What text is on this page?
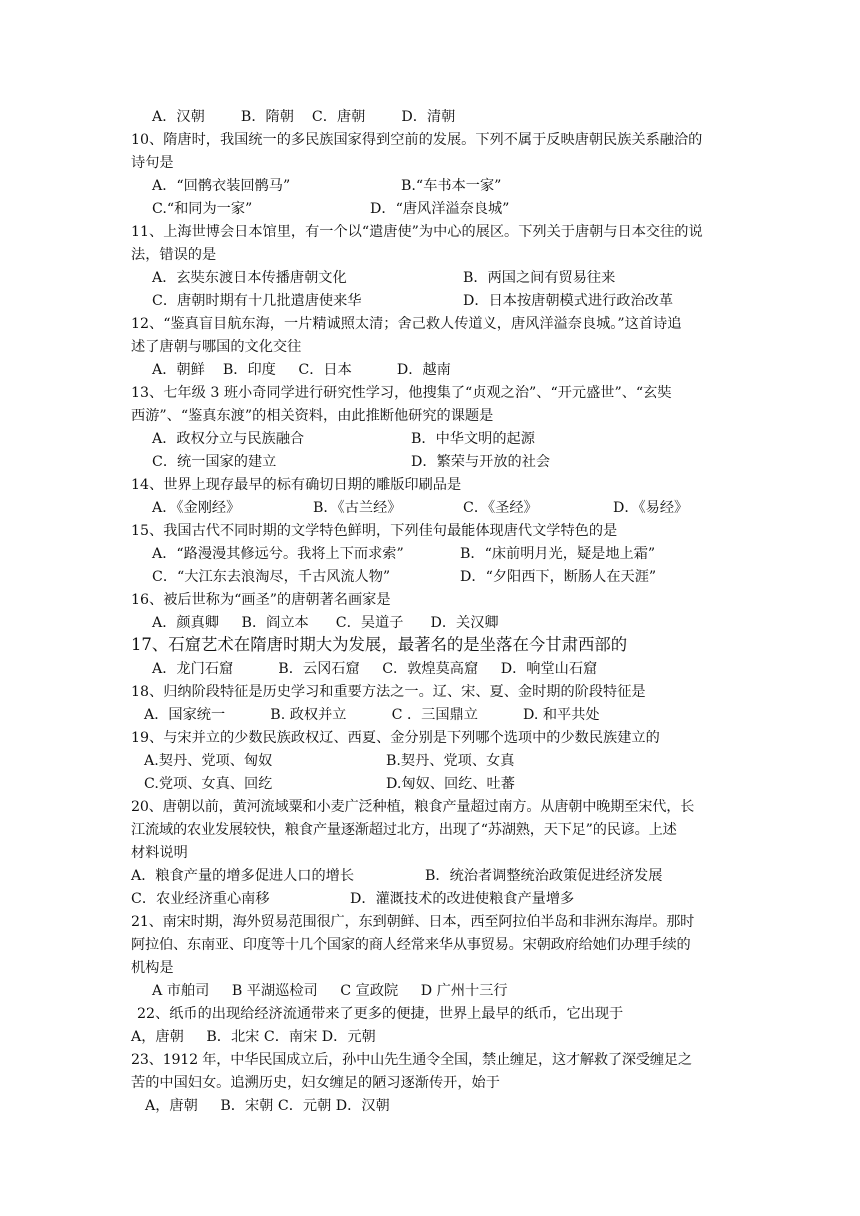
A．汉朝        B．隋朝    C．唐朝        D．清朝
10、隋唐时，我国统一的多民族国家得到空前的发展。下列不属于反映唐朝民族关系融洽的
诗句是
A．“回鹘衣装回鹘马”	B.“车书本一家”
C.“和同为一家”	D．“唐风洋溢奈良城”
11、上海世博会日本馆里，有一个以“遣唐使”为中心的展区。下列关于唐朝与日本交往的说
法，错误的是
A．玄奘东渡日本传播唐朝文化	B．两国之间有贸易往来
C．唐朝时期有十几批遣唐使来华	D．日本按唐朝模式进行政治改革
12、“鉴真盲目航东海，一片精诚照太清；舍己救人传道义，唐风洋溢奈良城。”这首诗追
述了唐朝与哪国的文化交往
A．朝鲜    B．印度     C．日本          D．越南
13、七年级 3 班小奇同学进行研究性学习，他搜集了“贞观之治”、“开元盛世”、“玄奘
西游”、“鉴真东渡”的相关资料，由此推断他研究的课题是
A．政权分立与民族融合	B．中华文明的起源
C．统一国家的建立	D．繁荣与开放的社会
14、世界上现存最早的标有确切日期的雕版印刷品是
A．《金刚经》	B．《古兰经》	C．《圣经》	D．《易经》
15、我国古代不同时期的文学特色鲜明，下列佳句最能体现唐代文学特色的是
A．“路漫漫其修远兮。我将上下而求索”	B．“床前明月光，疑是地上霜”
C．“大江东去浪淘尽，千古风流人物”	D．“夕阳西下，断肠人在天涯”
16、被后世称为“画圣”的唐朝著名画家是
A．颜真卿     B．阎立本      C．吴道子      D．关汉卿
17、石窟艺术在隋唐时期大为发展，最著名的是坐落在今甘肃西部的
A．龙门石窟          B．云冈石窟     C．敦煌莫高窟     D．响堂山石窟
18、归纳阶段特征是历史学习和重要方法之一。辽、宋、夏、金时期的阶段特征是
A．国家统一          B. 政权并立          C ．三国鼎立          D. 和平共处
19、与宋并立的少数民族政权辽、西夏、金分别是下列哪个选项中的少数民族建立的
A.契丹、党项、匈奴	B.契丹、党项、女真
C.党项、女真、回纥	D.匈奴、回纥、吐蕃
20、唐朝以前，黄河流域粟和小麦广泛种植，粮食产量超过南方。从唐朝中晚期至宋代，长
江流域的农业发展较快，粮食产量逐渐超过北方，出现了“苏湖熟，天下足”的民谚。上述
材料说明
A．粮食产量的增多促进人口的增长	B．统治者调整统治政策促进经济发展
C．农业经济重心南移	D．灌溉技术的改进使粮食产量增多
21、南宋时期，海外贸易范围很广，东到朝鲜、日本，西至阿拉伯半岛和非洲东海岸。那时
阿拉伯、东南亚、印度等十几个国家的商人经常来华从事贸易。宋朝政府给她们办理手续的
机构是
A 市舶司     B 平湖巡检司     C 宣政院     D 广州十三行
22、纸币的出现给经济流通带来了更多的便捷，世界上最早的纸币，它出现于
A，唐朝     B．北宋 C．南宋 D．元朝
23、1912 年，中华民国成立后，孙中山先生通令全国，禁止缠足，这才解救了深受缠足之
苦的中国妇女。追溯历史，妇女缠足的陋习逐渐传开，始于
A，唐朝     B．宋朝 C．元朝 D．汉朝
